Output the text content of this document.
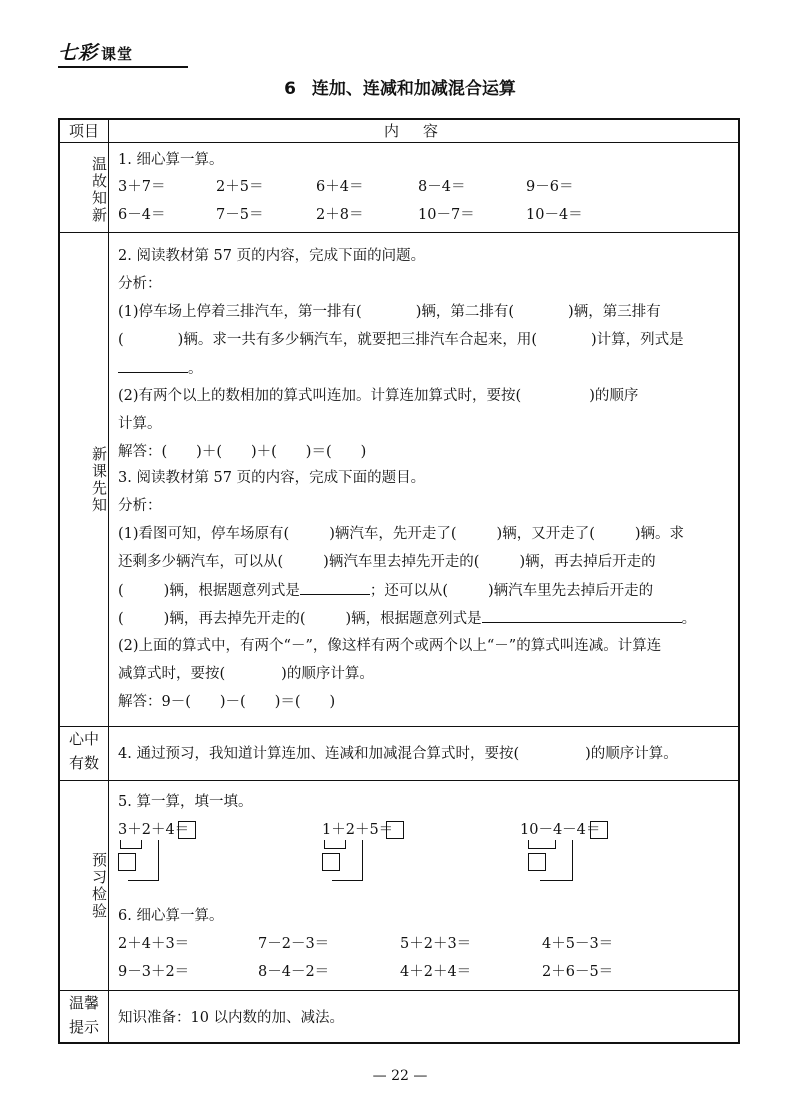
七彩 课堂
6 连加、连减和加减混合运算
项目	内容
温故知新 1. 细心算一算。
3＋7＝	2＋5＝	6＋4＝	8－4＝	9－6＝
6－4＝	7－5＝	2＋8＝	10－7＝	10－4＝
新课先知
2. 阅读教材第 57 页的内容，完成下面的问题。
分析：
(1)停车场上停着三排汽车，第一排有(	)辆，第二排有(	)辆，第三排有
(	)辆。求一共有多少辆汽车，就要把三排汽车合起来，用(	)计算，列式是
。
(2)有两个以上的数相加的算式叫连加。计算连加算式时，要按(	)的顺序
计算。
解答：(　　)＋(　　)＋(　　)＝(　　)
3. 阅读教材第 57 页的内容，完成下面的题目。
分析：
(1)看图可知，停车场原有(	)辆汽车，先开走了(	)辆，又开走了(	)辆。求
还剩多少辆汽车，可以从(	)辆汽车里去掉先开走的(	)辆，再去掉后开走的
(	)辆，根据题意列式是	；还可以从(	)辆汽车里先去掉后开走的
(	)辆，再去掉先开走的(	)辆，根据题意列式是	。
(2)上面的算式中，有两个“－”，像这样有两个或两个以上“－”的算式叫连减。计算连
减算式时，要按(	)的顺序计算。
解答：9－(　　)－(　　)＝(　　)
心中
有数	4. 通过预习，我知道计算连加、连减和加减混合算式时，要按(	)的顺序计算。
预习检验
5. 算一算，填一填。
3＋2＋4＝	1＋2＋5＝	10－4－4＝
6. 细心算一算。
2＋4＋3＝	7－2－3＝	5＋2＋3＝	4＋5－3＝
9－3＋2＝	8－4－2＝	4＋2＋4＝	2＋6－5＝
温馨
提示	知识准备：10 以内数的加、减法。
— 22 —
